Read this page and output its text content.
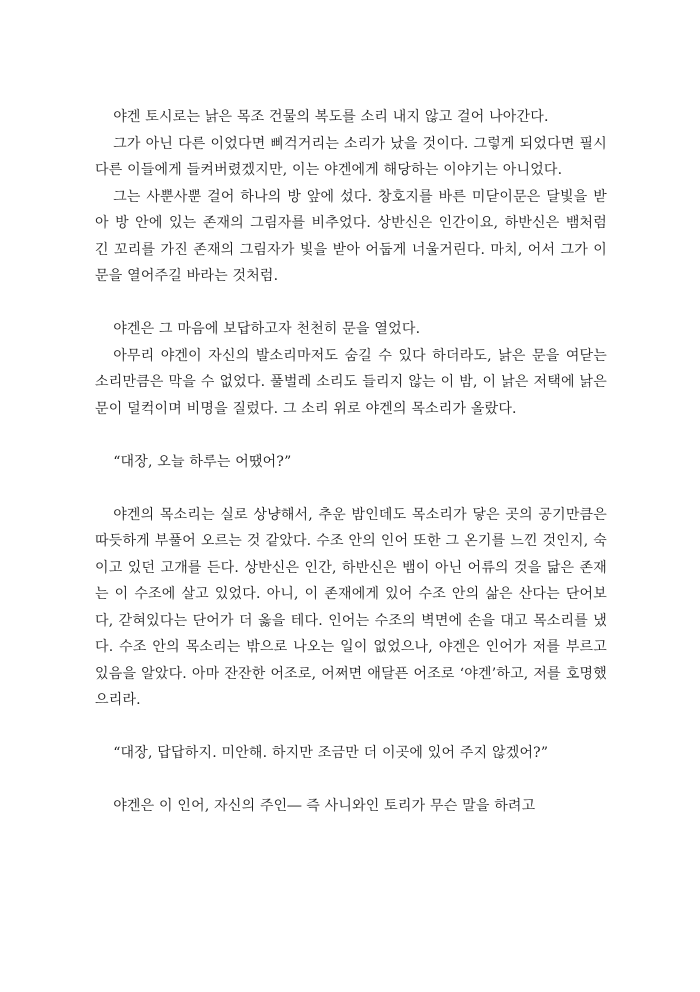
야겐 토시로는 낡은 목조 건물의 복도를 소리 내지 않고 걸어 나아간다.

그가 아닌 다른 이었다면 삐걱거리는 소리가 났을 것이다. 그렇게 되었다면 필시 다른 이들에게 들켜버렸겠지만, 이는 야겐에게 해당하는 이야기는 아니었다.

그는 사뿐사뿐 걸어 하나의 방 앞에 섰다. 창호지를 바른 미닫이문은 달빛을 받아 방 안에 있는 존재의 그림자를 비추었다. 상반신은 인간이요, 하반신은 뱀처럼 긴 꼬리를 가진 존재의 그림자가 빛을 받아 어둡게 너울거린다. 마치, 어서 그가 이 문을 열어주길 바라는 것처럼.

야겐은 그 마음에 보답하고자 천천히 문을 열었다.

아무리 야겐이 자신의 발소리마저도 숨길 수 있다 하더라도, 낡은 문을 여닫는 소리만큼은 막을 수 없었다. 풀벌레 소리도 들리지 않는 이 밤, 이 낡은 저택에 낡은 문이 덜컥이며 비명을 질렀다. 그 소리 위로 야겐의 목소리가 올랐다.

“대장, 오늘 하루는 어땠어?”

야겐의 목소리는 실로 상냥해서, 추운 밤인데도 목소리가 닿은 곳의 공기만큼은 따듯하게 부풀어 오르는 것 같았다. 수조 안의 인어 또한 그 온기를 느낀 것인지, 숙이고 있던 고개를 든다. 상반신은 인간, 하반신은 뱀이 아닌 어류의 것을 닮은 존재는 이 수조에 살고 있었다. 아니, 이 존재에게 있어 수조 안의 삶은 산다는 단어보다, 갇혀있다는 단어가 더 옳을 테다. 인어는 수조의 벽면에 손을 대고 목소리를 냈다. 수조 안의 목소리는 밖으로 나오는 일이 없었으나, 야겐은 인어가 저를 부르고 있음을 알았다. 아마 잔잔한 어조로, 어쩌면 애달픈 어조로 ‘야겐’하고, 저를 호명했으리라.

“대장, 답답하지. 미안해. 하지만 조금만 더 이곳에 있어 주지 않겠어?”

야겐은 이 인어, 자신의 주인― 즉 사니와인 토리가 무슨 말을 하려고
